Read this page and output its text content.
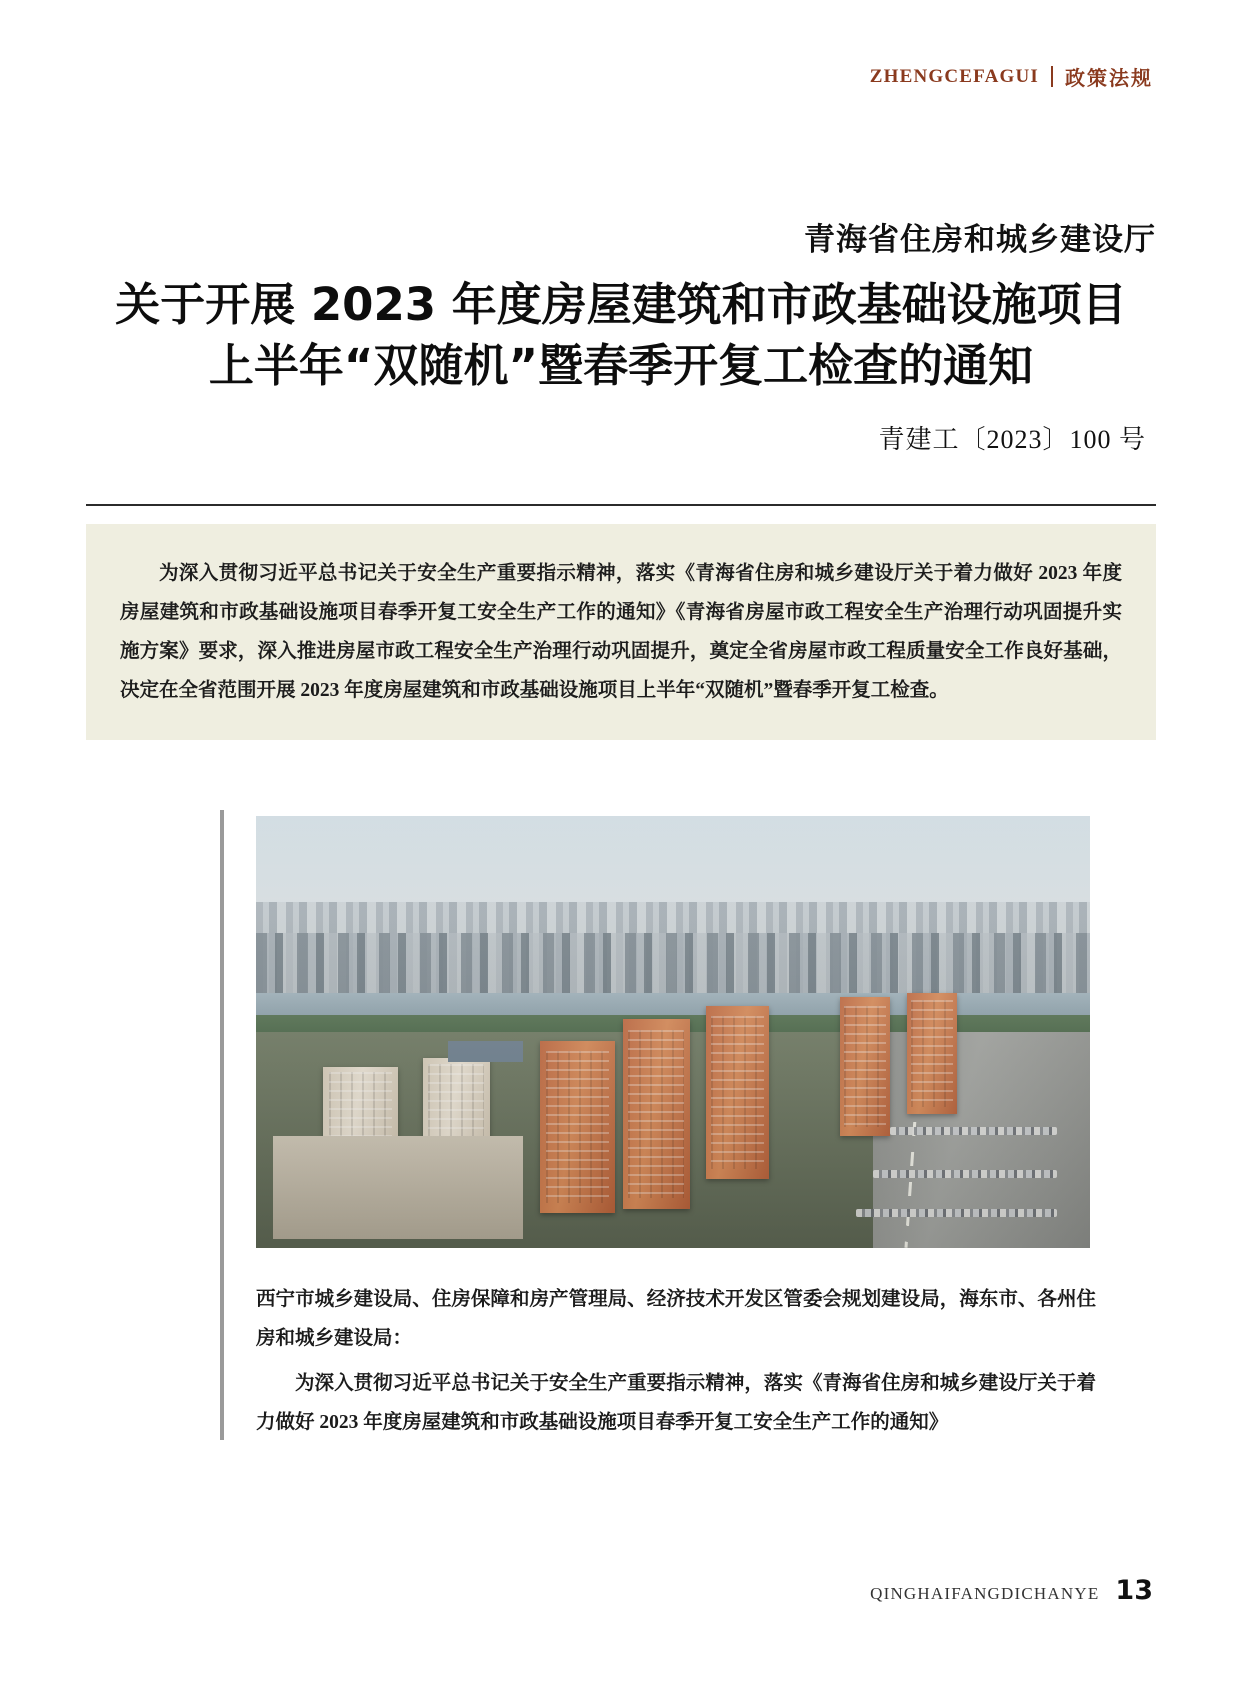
ZHENGCEFAGUI 政策法规
青海省住房和城乡建设厅
关于开展 2023 年度房屋建筑和市政基础设施项目
上半年“双随机”暨春季开复工检查的通知
青建工〔2023〕100 号

为深入贯彻习近平总书记关于安全生产重要指示精神，落实《青海省住房和城乡建设厅关于着力做好 2023 年度房屋建筑和市政基础设施项目春季开复工安全生产工作的通知》《青海省房屋市政工程安全生产治理行动巩固提升实施方案》要求，深入推进房屋市政工程安全生产治理行动巩固提升，奠定全省房屋市政工程质量安全工作良好基础，决定在全省范围开展 2023 年度房屋建筑和市政基础设施项目上半年“双随机”暨春季开复工检查。

西宁市城乡建设局、住房保障和房产管理局、经济技术开发区管委会规划建设局，海东市、各州住房和城乡建设局：

为深入贯彻习近平总书记关于安全生产重要指示精神，落实《青海省住房和城乡建设厅关于着力做好 2023 年度房屋建筑和市政基础设施项目春季开复工安全生产工作的通知》

QINGHAIFANGDICHANYE 13
